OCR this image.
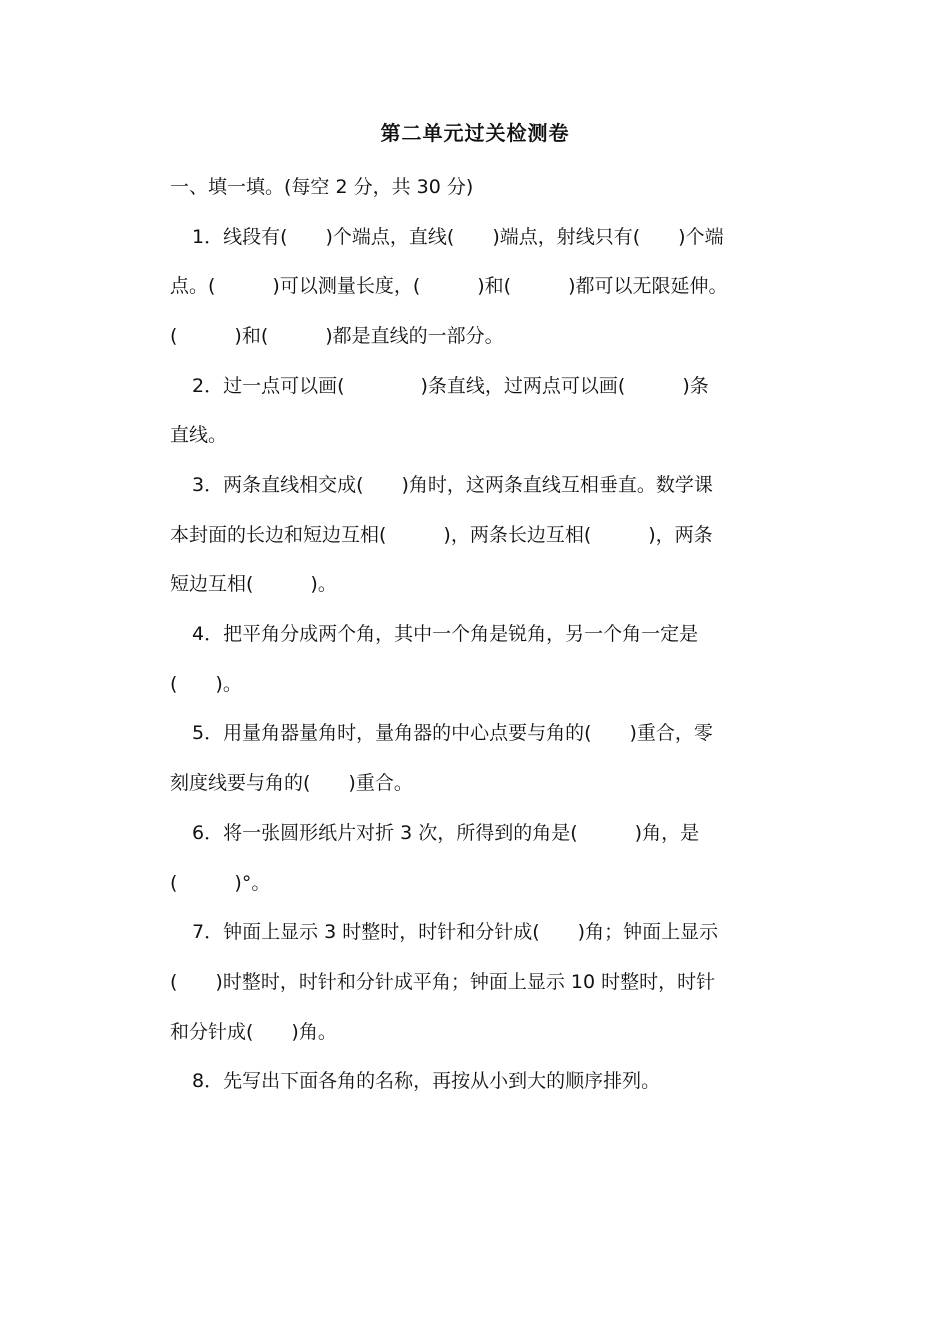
第二单元过关检测卷
一、填一填。(每空 2 分，共 30 分)
1．线段有(　　)个端点，直线(　　)端点，射线只有(　　)个端
点。(　　　)可以测量长度，(　　　)和(　　　)都可以无限延伸。
(　　　)和(　　　)都是直线的一部分。
2．过一点可以画(　　　　)条直线，过两点可以画(　　　)条
直线。
3．两条直线相交成(　　)角时，这两条直线互相垂直。数学课
本封面的长边和短边互相(　　　)，两条长边互相(　　　)，两条
短边互相(　　　)。
4．把平角分成两个角，其中一个角是锐角，另一个角一定是
(　　)。
5．用量角器量角时，量角器的中心点要与角的(　　)重合，零
刻度线要与角的(　　)重合。
6．将一张圆形纸片对折 3 次，所得到的角是(　　　)角，是
(　　　)°。
7．钟面上显示 3 时整时，时针和分针成(　　)角；钟面上显示
(　　)时整时，时针和分针成平角；钟面上显示 10 时整时，时针
和分针成(　　)角。
8．先写出下面各角的名称，再按从小到大的顺序排列。
